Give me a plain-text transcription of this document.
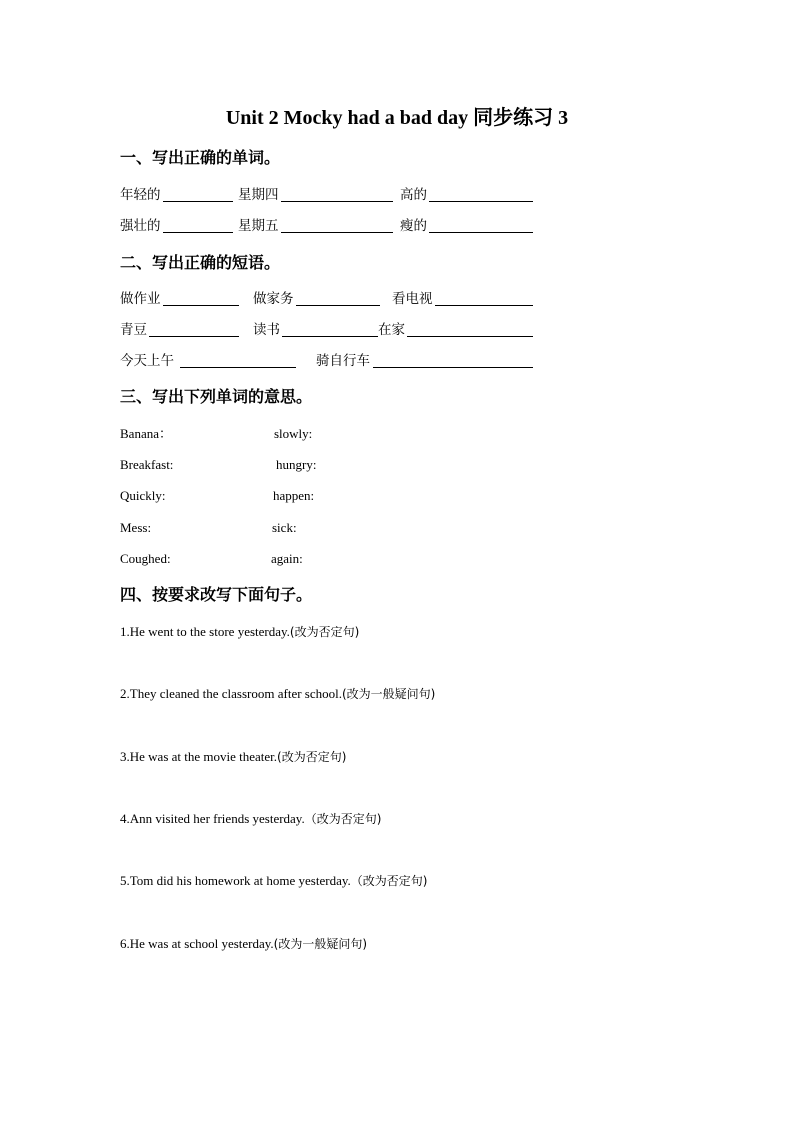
Unit 2 Mocky had a bad day 同步练习 3
一、写出正确的单词。
年轻的	星期四	高的
强壮的	星期五	瘦的
二、写出正确的短语。
做作业	做家务	看电视
青豆	读书	在家
今天上午	骑自行车
三、写出下列单词的意思。
Banana：	slowly:
Breakfast:	hungry:
Quickly:	happen:
Mess:	sick:
Coughed:	again:
四、按要求改写下面句子。
1.He went to the store yesterday.(改为否定句)
2.They cleaned the classroom after school.(改为一般疑问句)
3.He was at the movie theater.(改为否定句)
4.Ann visited her friends yesterday.（改为否定句)
5.Tom did his homework at home yesterday.（改为否定句)
6.He was at school yesterday.(改为一般疑问句)
